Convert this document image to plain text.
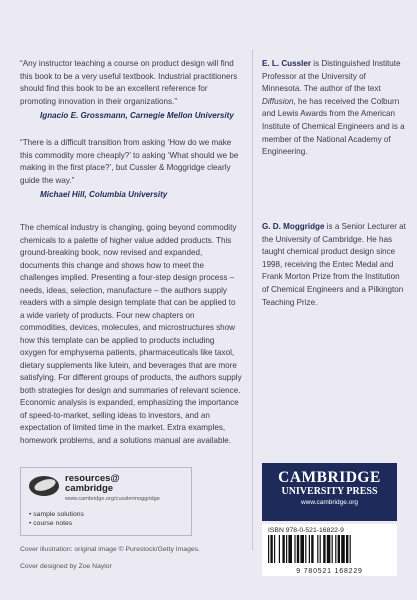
“Any instructor teaching a course on product design will find this book to be a very useful textbook. Industrial practitioners should find this book to be an excellent reference for promoting innovation in their organizations.”

Ignacio E. Grossmann, Carnegie Mellon University

“There is a difficult transition from asking ‘How do we make this commodity more cheaply?’ to asking ‘What should we be making in the first place?’, but Cussler & Moggridge clearly guide the way.”

Michael Hill, Columbia University

The chemical industry is changing, going beyond commodity chemicals to a palette of higher value added products. This ground-breaking book, now revised and expanded, documents this change and shows how to meet the challenges implied. Presenting a four-step design process – needs, ideas, selection, manufacture – the authors supply readers with a simple design template that can be applied to a wide variety of products. Four new chapters on commodities, devices, molecules, and microstructures show how this template can be applied to products including oxygen for emphysema patients, pharmaceuticals like taxol, dietary supplements like lutein, and beverages that are more satisfying. For different groups of products, the authors supply both strategies for design and summaries of relevant science. Economic analysis is expanded, emphasizing the importance of speed-to-market, selling ideas to investors, and an expectation of limited time in the market. Extra examples, homework problems, and a solutions manual are available.

E. L. Cussler is Distinguished Institute Professor at the University of Minnesota. The author of the text Diffusion, he has received the Colburn and Lewis Awards from the American Institute of Chemical Engineers and is a member of the National Academy of Engineering.

G. D. Moggridge is a Senior Lecturer at the University of Cambridge. He has taught chemical product design since 1998, receiving the Entec Medal and Frank Morton Prize from the Institution of Chemical Engineers and a Pilkington Teaching Prize.

resources@
cambridge
www.cambridge.org/cusslermoggridge
• sample solutions
• course notes
Cover illustration: original image © Purestock/Getty Images.
Cover designed by Zoe Naylor
CAMBRIDGE
UNIVERSITY PRESS
www.cambridge.org
ISBN 978-0-521-16822-9
9 780521 168229
